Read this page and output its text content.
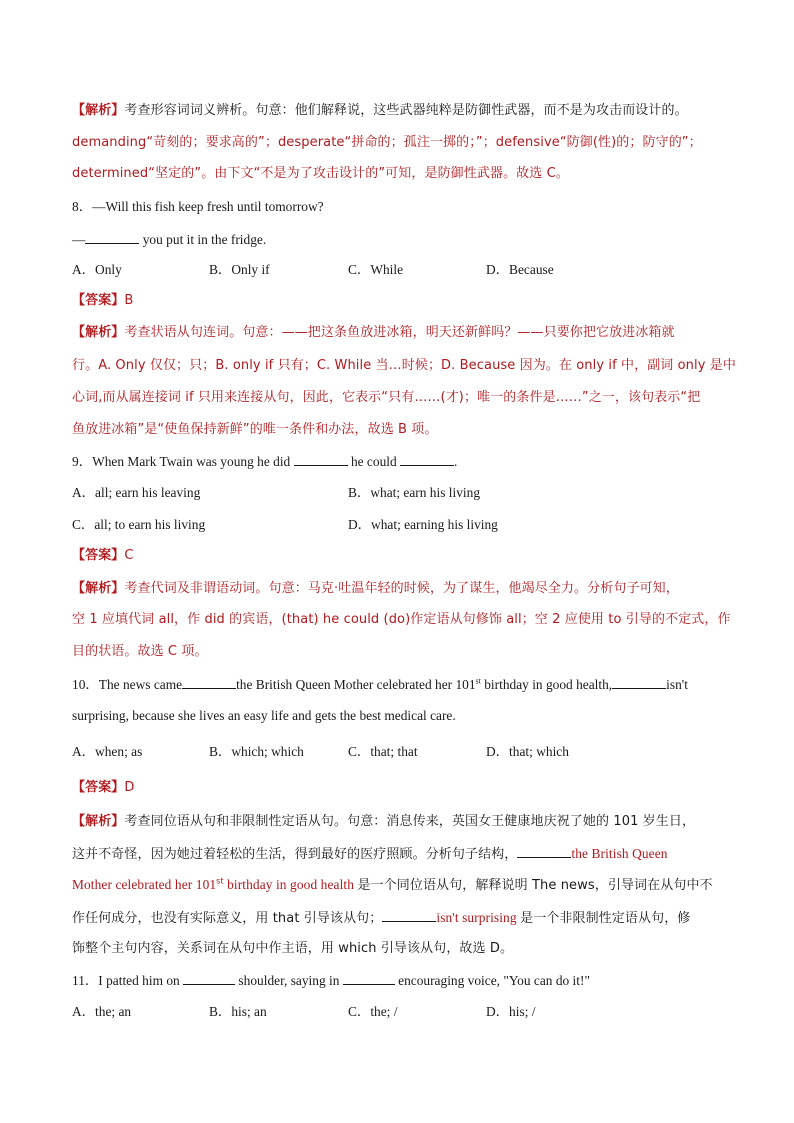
【解析】考查形容词词义辨析。句意：他们解释说，这些武器纯粹是防御性武器，而不是为攻击而设计的。
demanding“苛刻的；要求高的”；desperate“拼命的；孤注一掷的；”；defensive“防御(性)的；防守的”；
determined“坚定的”。由下文“不是为了攻击设计的”可知，是防御性武器。故选 C。
8．—Will this fish keep fresh until tomorrow?
—	you put it in the fridge.
A．Only	B．Only if	C．While	D．Because
【答案】B
【解析】考查状语从句连词。句意：——把这条鱼放进冰箱，明天还新鲜吗？——只要你把它放进冰箱就
行。A. Only 仅仅；只；B. only if 只有；C. While 当…时候；D. Because 因为。在 only if 中，副词 only 是中
心词,而从属连接词 if 只用来连接从句，因此，它表示“只有……(才)；唯一的条件是……”之一，该句表示“把
鱼放进冰箱”是“使鱼保持新鲜”的唯一条件和办法，故选 B 项。
9．When Mark Twain was young he did	he could	.
A．all; earn his leaving	B．what; earn his living
C．all; to earn his living	D．what; earning his living
【答案】C
【解析】考查代词及非谓语动词。句意：马克·吐温年轻的时候，为了谋生，他竭尽全力。分析句子可知，
空 1 应填代词 all，作 did 的宾语，(that) he could (do)作定语从句修饰 all；空 2 应使用 to 引导的不定式，作
目的状语。故选 C 项。
10．The news came	the British Queen Mother celebrated her 101st birthday in good health,	isn't
surprising, because she lives an easy life and gets the best medical care.
A．when; as	B．which; which	C．that; that	D．that; which
【答案】D
【解析】考查同位语从句和非限制性定语从句。句意：消息传来，英国女王健康地庆祝了她的 101 岁生日，
这并不奇怪，因为她过着轻松的生活，得到最好的医疗照顾。分析句子结构，	the British Queen
Mother celebrated her 101st birthday in good health 是一个同位语从句，解释说明 The news，引导词在从句中不
作任何成分，也没有实际意义，用 that 引导该从句；	isn't surprising 是一个非限制性定语从句，修
饰整个主句内容，关系词在从句中作主语，用 which 引导该从句，故选 D。
11．I patted him on	shoulder, saying in	encouraging voice, "You can do it!"
A．the; an	B．his; an	C．the; /	D．his; /
